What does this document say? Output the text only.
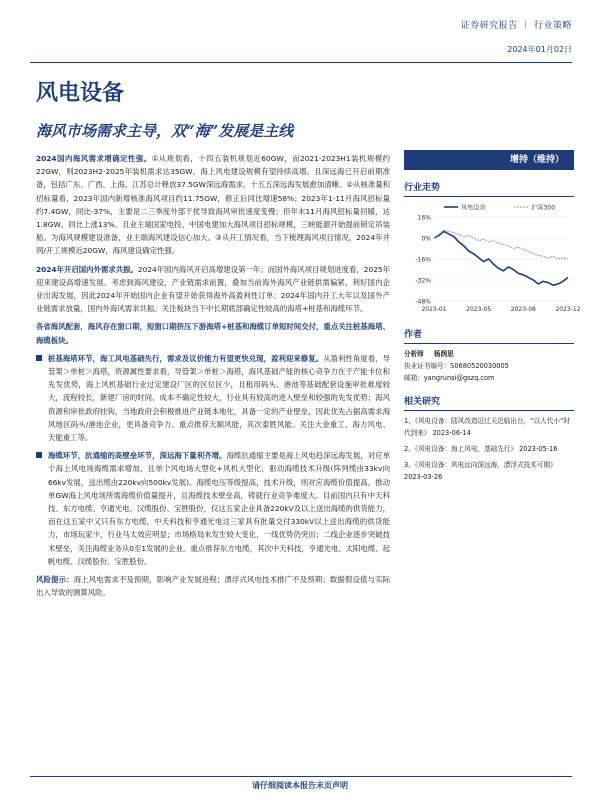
证券研究报告 ｜ 行业策略
2024年01月02日
风电设备
海风市场需求主导，双“海”发展是主线

2024国内海风需求增确定性强。①从规划看，十四五装机规划近60GW，而2021-2023H1装机规模约22GW，则2023H2-2025年装机需求达35GW。海上风电建设规模有望持续高增。且深远海已开启前期准备，包括广东、广西、上海、江苏总计释放37.5GW深远海需求。十五五深远海发展愈加清晰。②从核准量和招标量看，2023年国内新增核准海风项目约11.75GW，修正后同比增速58%；2023年1-11月海风招标量约7.4GW，同比-37%，主要是二三季度外部干扰导致海风审批速度变慢；但年末11月海风招标量回暖，达1.8GW，同比上涨13%。且业主端国家电投、中国电建加大海风项目招标规模，三峡能源开始提前锁定吊装船。为海风规模建设准备，业主端海风建设信心加大。③从开工情况看，当下梳理海风项目情况，2024年并网/开工规模近20GW，海风建设确定性强。

2024年开启国内外需求共振。2024年国内海风开启高增建设第一年；而国外海风项目规划进度看，2025年迎来建设高增速发展。考虑到海风建设，产业链需求前置，叠加当前海外海风产业链供需偏紧，利好国内企业出海发展，因此2024年开始国内企业有望开始获得海外高盈利性订单；2024年国内开工大年以及国外产业链需求放量，国内外海风需求共振。关注板块当下中长期底部确定性较高的海塔+桩基和海缆环节。

各省海风配套，海风存在窗口期，短窗口期挤压下游海塔+桩基和海缆订单短时间交付，重点关注桩基海塔、海缆板块。

桩基海塔环节，海工风电基础先行，需求及议价能力有望更快兑现，盈利迎来修复。从盈利性角度看，导管架＞单桩＞海塔，资源属性要求看，导管架＞单桩＞海塔，海风基础产能的核心竞争力在于产能卡位和先发优势，海上风机基础行业过定建设厂区的区位区少，且租用码头、港池等基础配套设施审批难度较大，流程较长，新建厂房的时间、成本不确定性较大，行业具有较高的进入壁垒和较强的先发优势；海风资源和审批政府挂钩，当地政府会积极推进产业链本地化，具备一定的产业壁垒，因此优先占据高需求海风地区码头/港池企业，更具备竞争力。重点推荐天顺风能，其次泰胜风能。关注大金重工、海力风电、天能重工等。

海缆环节，抗通缩的高壁垒环节，深远海下量利齐增。海缆抗通缩主要是海上风电趋深远海发展，对应单个海上风电场海缆需求增加，且单个风电场大型化+风机大型化，驱动海缆技术升级(阵列缆由33kv向66kv发展，送出缆由220kv向500kv发展)。海缆电压等级提高，技术升级，则对应海缆价值提高，推动单GW海上风电场所需海缆价值量提升，且海缆技术壁垒高，铸就行业竞争难度大。目前国内只有中天科技、东方电缆、亨通光电、汉缆股份、宝胜股份，仅这五家企业具备220kV及以上送出海缆的供货能力，而在这五家中又只有东方电缆，中天科技和亨通光电这三家具有批量交付330kV以上送出海缆的供货能力，市场玩家少，行业马太效应明显；市场格局未发生较大变化，一线优势仍突出；二线企业逐步突破技术壁垒，关注海缆业务从0至1发展的企业。重点推荐东方电缆，其次中天科技，亨通光电、太阳电缆、起帆电缆、汉缆股份、宝胜股份。

风险提示：海上风电需求不及预期，影响产业发展进程；漂浮式风电技术推广不及预期；数据假设值与实际出入导致的测算风险。

增持（维持）
行业走势
16%
0%
-16%
-32%
-48%
2023-01	2023-05	2023-08	2023-12
风电设备	沪深300
作者
分析师 杨润思
执业证书编号：S0680520030005
邮箱：yangrunsi@gszq.com
相关研究
1、《风电设备：陆风改造迈过关近临出台，“以大代小”时代到来》 2023-06-14
2、《风电设备：海上风电，基础先行》 2023-05-16
3、《风电设备：风电远向深远海，漂浮式技术可期》2023-03-26
请仔细阅读本报告末页声明
